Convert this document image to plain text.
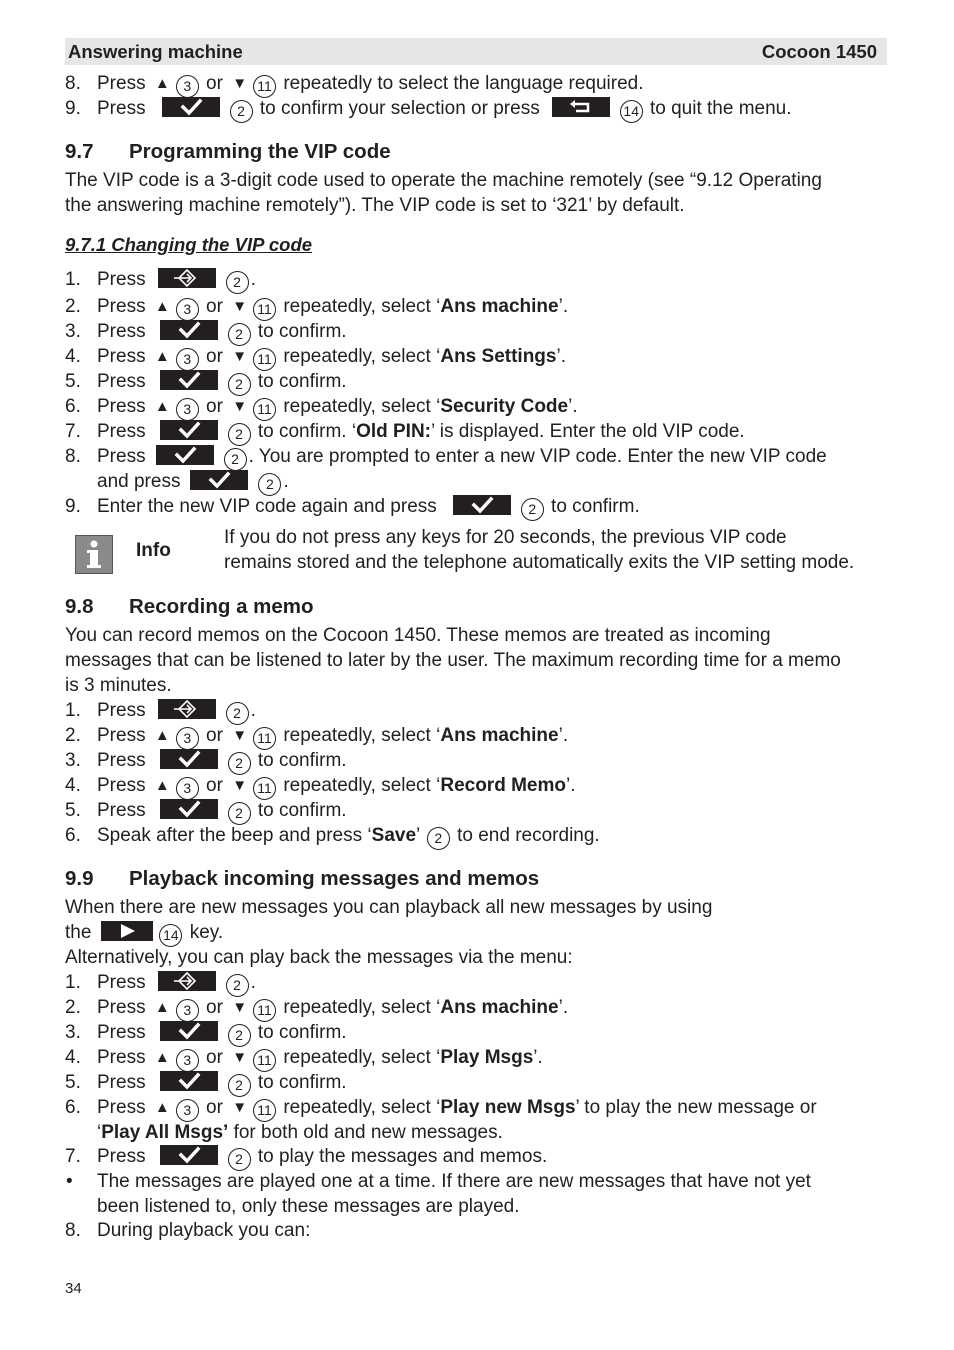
Answering machine	Cocoon 1450
8. Press ▲ 3 or ▼ 11 repeatedly to select the language required.
9. Press	2 to confirm your selection or press	14 to quit the menu.
9.7 Programming the VIP code
The VIP code is a 3-digit code used to operate the machine remotely (see “9.12 Operating
the answering machine remotely”). The VIP code is set to ‘321’ by default.
9.7.1 Changing the VIP code
1. Press	2 .
2. Press ▲ 3 or ▼ 11 repeatedly, select ‘Ans machine’.
3. Press	2 to confirm.
4. Press ▲ 3 or ▼ 11 repeatedly, select ‘Ans Settings’.
5. Press	2 to confirm.
6. Press ▲ 3 or ▼ 11 repeatedly, select ‘Security Code’.
7. Press	2 to confirm. ‘Old PIN:’ is displayed. Enter the old VIP code.
8. Press	2 . You are prompted to enter a new VIP code. Enter the new VIP code
and press	2 .
9. Enter the new VIP code again and press	2 to confirm.
Info
If you do not press any keys for 20 seconds, the previous VIP code
remains stored and the telephone automatically exits the VIP setting mode.
9.8 Recording a memo
You can record memos on the Cocoon 1450. These memos are treated as incoming
messages that can be listened to later by the user. The maximum recording time for a memo
is 3 minutes.
1. Press	2 .
2. Press ▲ 3 or ▼ 11 repeatedly, select ‘Ans machine’.
3. Press	2 to confirm.
4. Press ▲ 3 or ▼ 11 repeatedly, select ‘Record Memo’.
5. Press	2 to confirm.
6. Speak after the beep and press ‘Save’ 2 to end recording.
9.9 Playback incoming messages and memos
When there are new messages you can playback all new messages by using
the	14 key.
Alternatively, you can play back the messages via the menu:
1. Press	2 .
2. Press ▲ 3 or ▼ 11 repeatedly, select ‘Ans machine’.
3. Press	2 to confirm.
4. Press ▲ 3 or ▼ 11 repeatedly, select ‘Play Msgs’.
5. Press	2 to confirm.
6. Press ▲ 3 or ▼ 11 repeatedly, select ‘Play new Msgs’ to play the new message or
‘Play All Msgs’ for both old and new messages.
7. Press	2 to play the messages and memos.
• The messages are played one at a time. If there are new messages that have not yet
been listened to, only these messages are played.
8. During playback you can:
34
